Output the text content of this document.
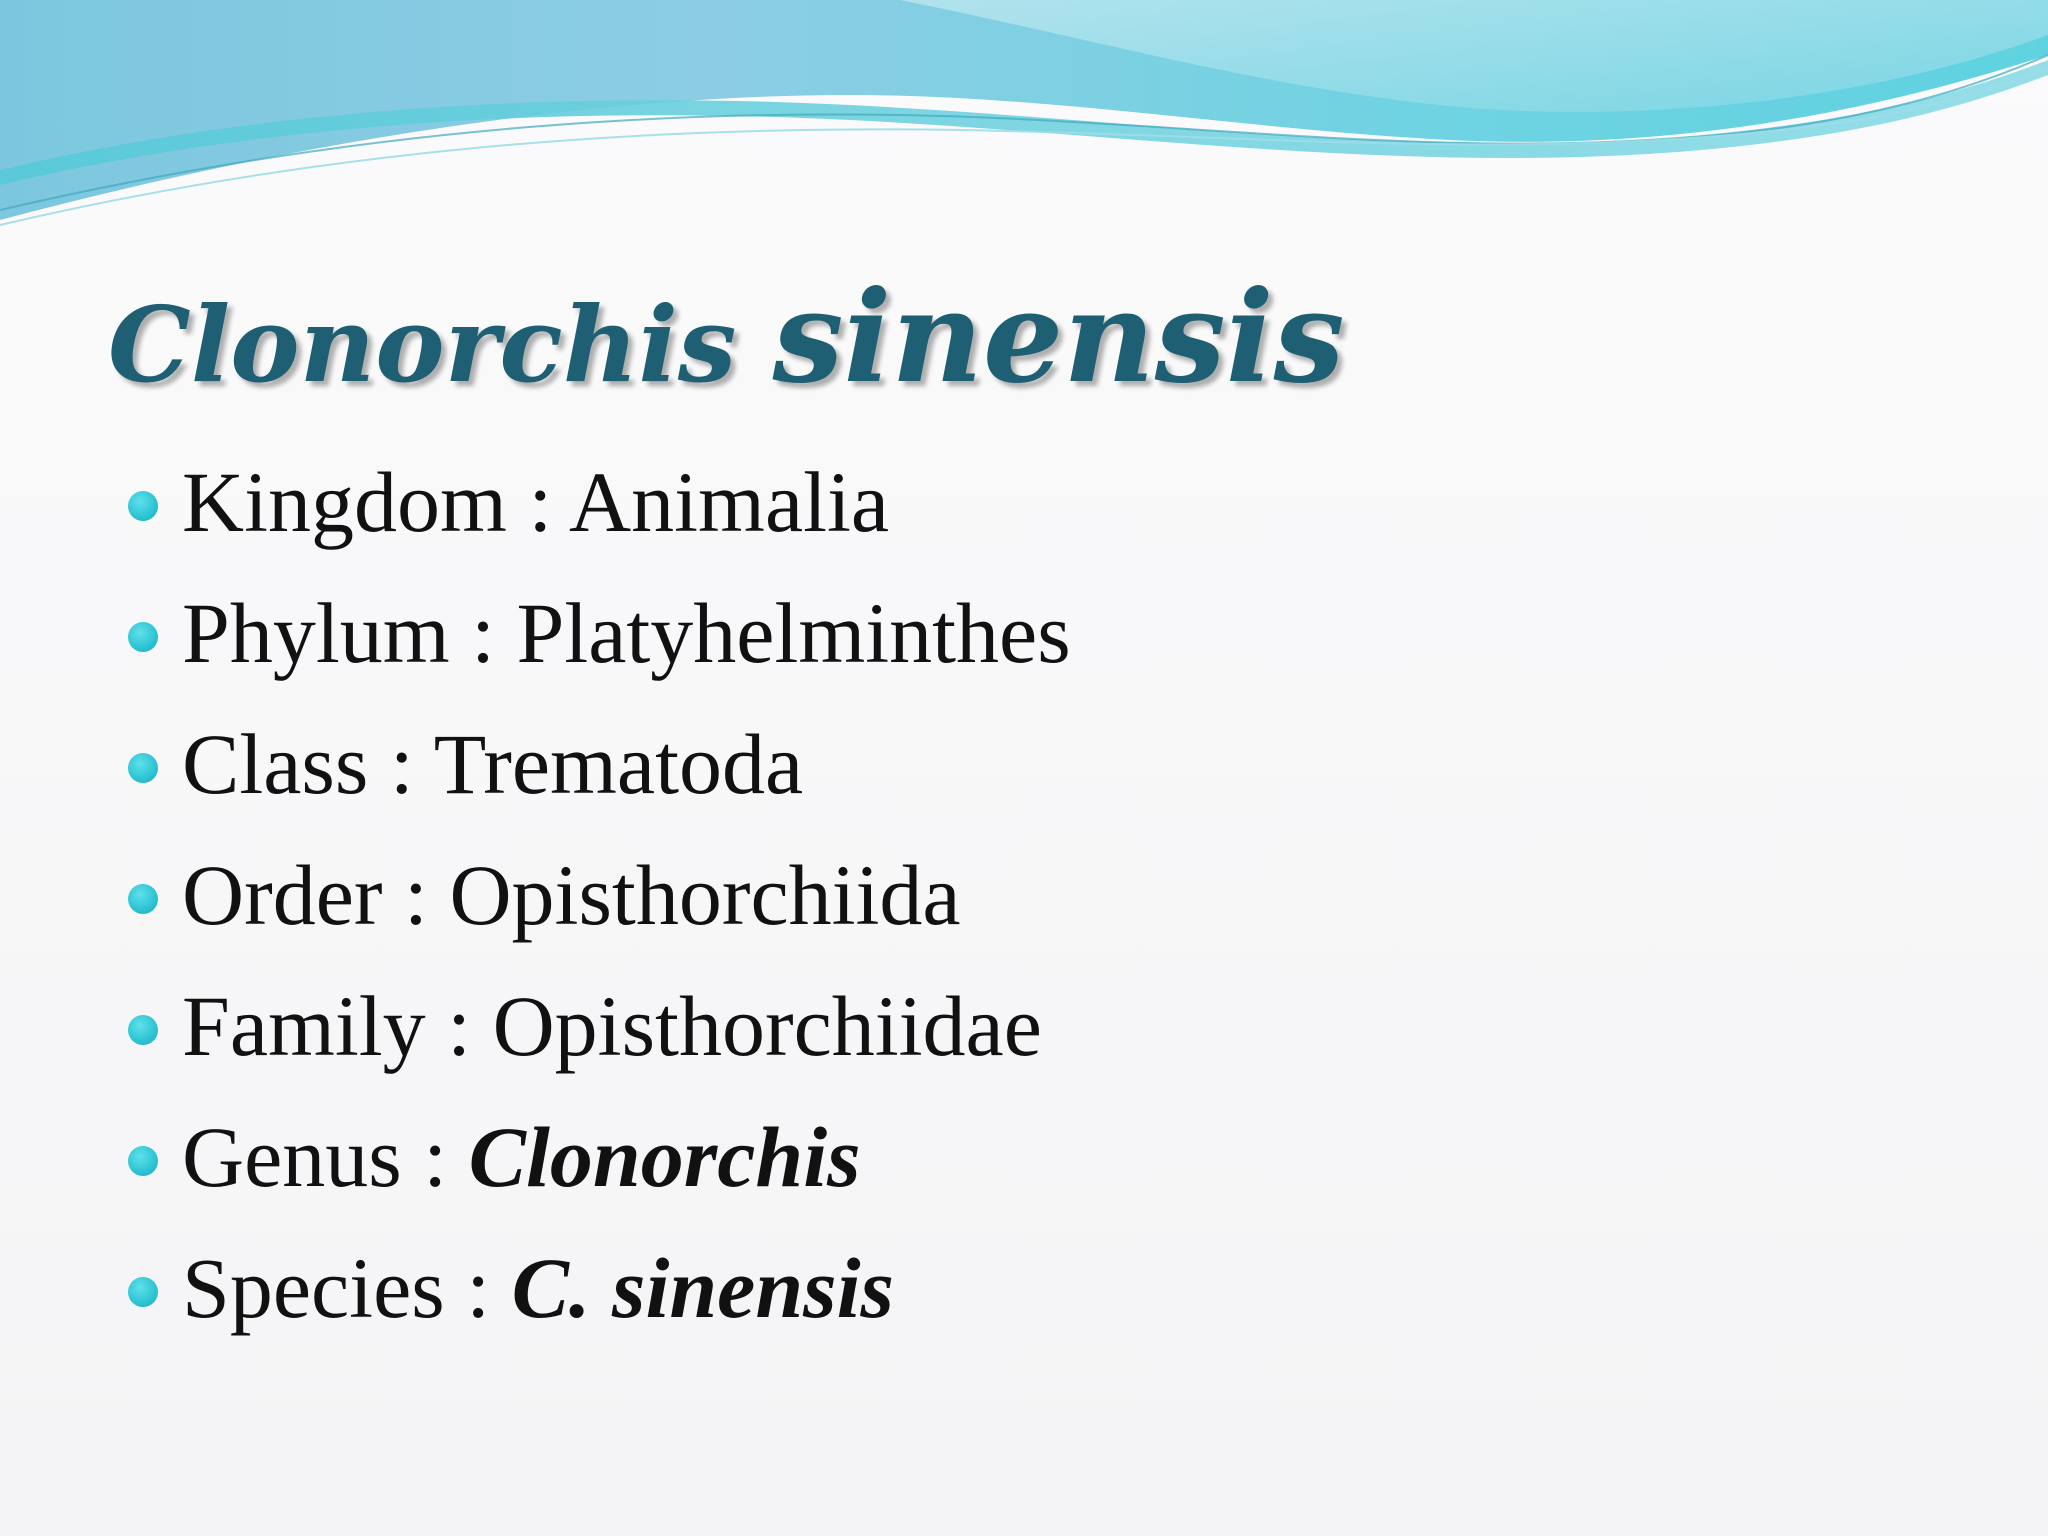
Clonorchis sinensis
Kingdom : Animalia
Phylum : Platyhelminthes
Class : Trematoda
Order : Opisthorchiida
Family : Opisthorchiidae
Genus : Clonorchis
Species : C. sinensis
